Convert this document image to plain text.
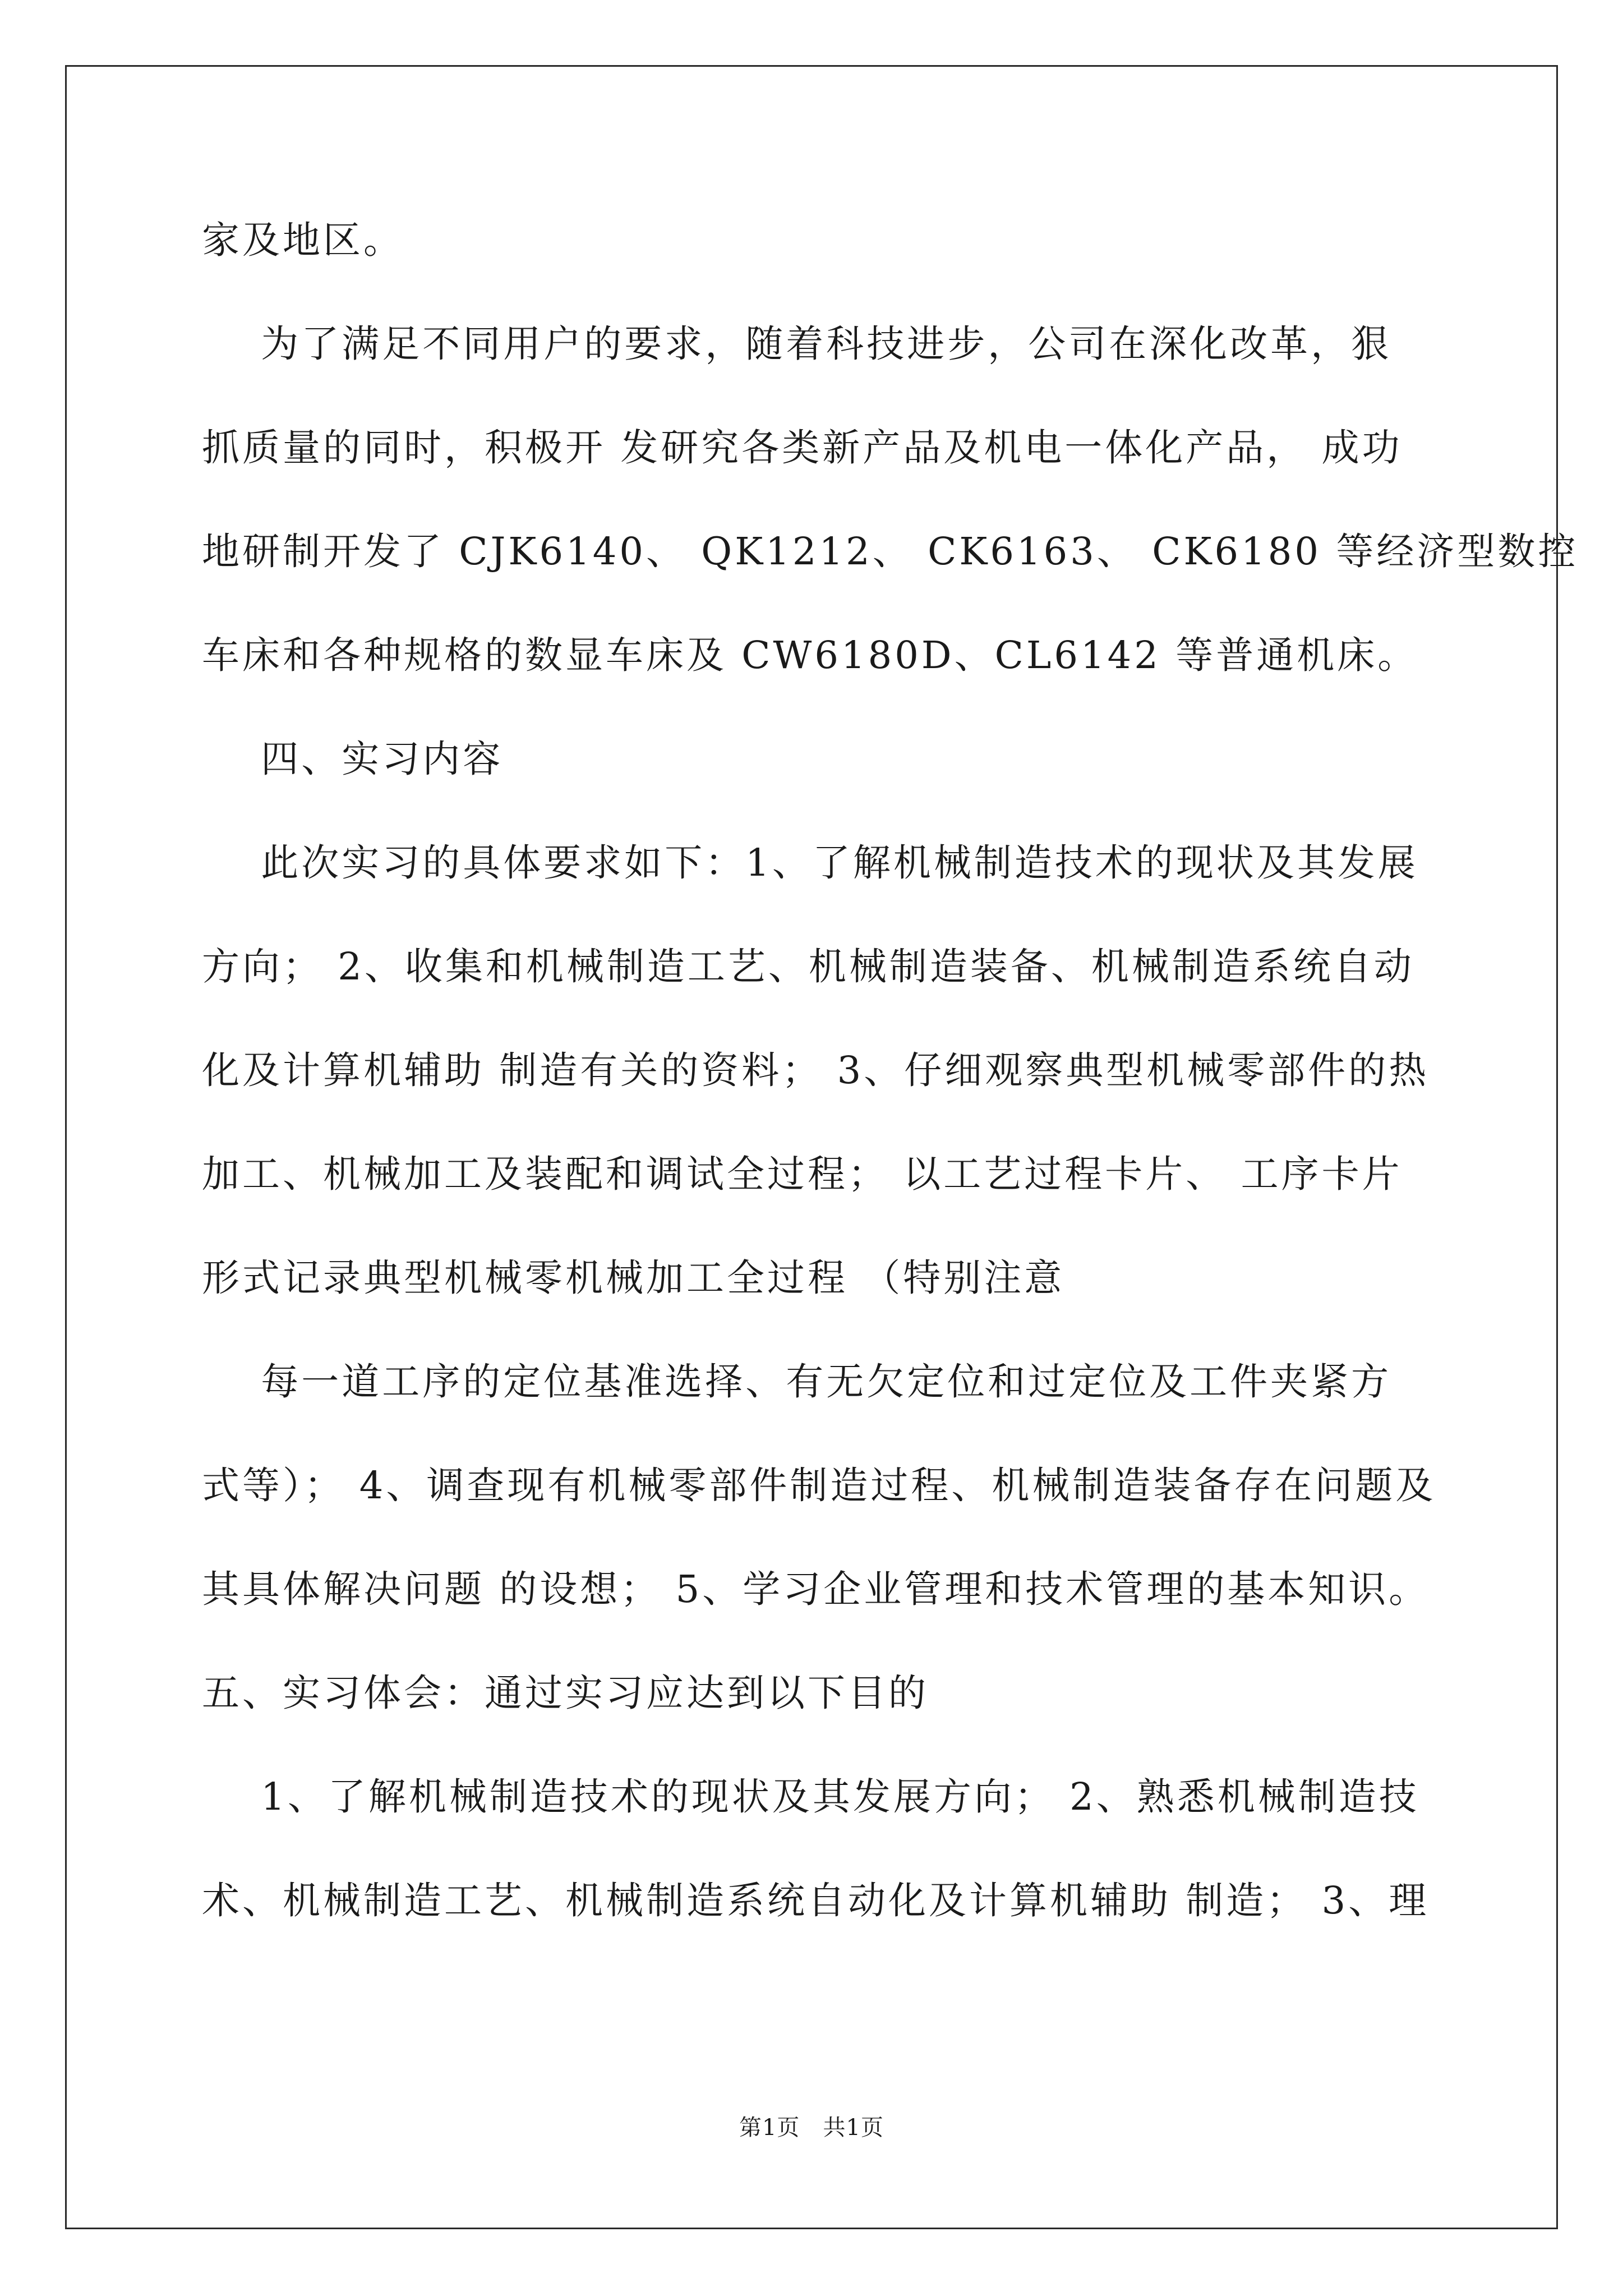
家及地区。
为了满足不同用户的要求，随着科技进步，公司在深化改革，狠
抓质量的同时，积极开 发研究各类新产品及机电一体化产品， 成功
地研制开发了 CJK6140、 QK1212、 CK6163、 CK6180 等经济型数控
车床和各种规格的数显车床及 CW6180D、CL6142 等普通机床。
四、实习内容
此次实习的具体要求如下：1、了解机械制造技术的现状及其发展
方向； 2、收集和机械制造工艺、机械制造装备、机械制造系统自动
化及计算机辅助 制造有关的资料； 3、仔细观察典型机械零部件的热
加工、机械加工及装配和调试全过程； 以工艺过程卡片、 工序卡片
形式记录典型机械零机械加工全过程 （特别注意
每一道工序的定位基准选择、有无欠定位和过定位及工件夹紧方
式等）； 4、调查现有机械零部件制造过程、机械制造装备存在问题及
其具体解决问题 的设想； 5、学习企业管理和技术管理的基本知识。
五、实习体会：通过实习应达到以下目的
1、了解机械制造技术的现状及其发展方向； 2、熟悉机械制造技
术、机械制造工艺、机械制造系统自动化及计算机辅助 制造； 3、理
第1页   共1页
